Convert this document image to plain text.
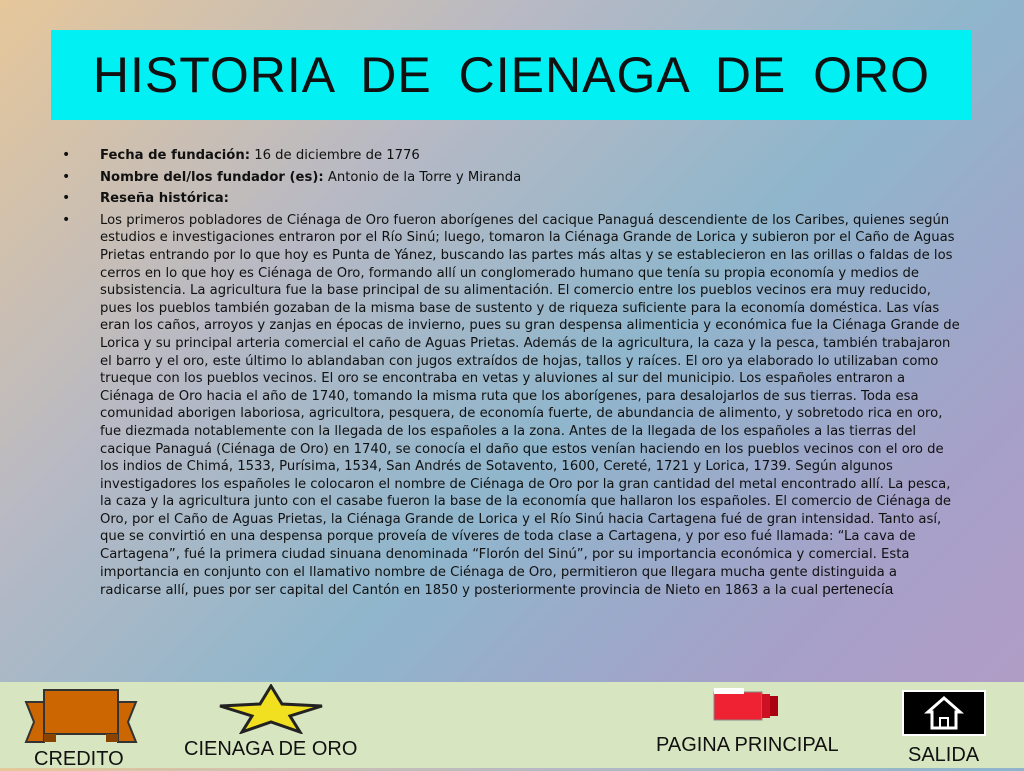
HISTORIA DE CIENAGA DE ORO
• Fecha de fundación: 16 de diciembre de 1776
• Nombre del/los fundador (es): Antonio de la Torre y Miranda
• Reseña histórica:
• Los primeros pobladores de Ciénaga de Oro fueron aborígenes del cacique Panaguá descendiente de los Caribes, quienes según estudios e investigaciones entraron por el Río Sinú; luego, tomaron la Ciénaga Grande de Lorica y subieron por el Caño de Aguas Prietas entrando por lo que hoy es Punta de Yánez, buscando las partes más altas y se establecieron en las orillas o faldas de los cerros en lo que hoy es Ciénaga de Oro, formando allí un conglomerado humano que tenía su propia economía y medios de subsistencia. La agricultura fue la base principal de su alimentación. El comercio entre los pueblos vecinos era muy reducido, pues los pueblos también gozaban de la misma base de sustento y de riqueza suficiente para la economía doméstica. Las vías eran los caños, arroyos y zanjas en épocas de invierno, pues su gran despensa alimenticia y económica fue la Ciénaga Grande de Lorica y su principal arteria comercial el caño de Aguas Prietas. Además de la agricultura, la caza y la pesca, también trabajaron el barro y el oro, este último lo ablandaban con jugos extraídos de hojas, tallos y raíces. El oro ya elaborado lo utilizaban como trueque con los pueblos vecinos. El oro se encontraba en vetas y aluviones al sur del municipio. Los españoles entraron a Ciénaga de Oro hacia el año de 1740, tomando la misma ruta que los aborígenes, para desalojarlos de sus tierras. Toda esa comunidad aborigen laboriosa, agricultora, pesquera, de economía fuerte, de abundancia de alimento, y sobretodo rica en oro, fue diezmada notablemente con la llegada de los españoles a la zona. Antes de la llegada de los españoles a las tierras del cacique Panaguá (Ciénaga de Oro) en 1740, se conocía el daño que estos venían haciendo en los pueblos vecinos con el oro de los indios de Chimá, 1533, Purísima, 1534, San Andrés de Sotavento, 1600, Cereté, 1721 y Lorica, 1739. Según algunos investigadores los españoles le colocaron el nombre de Ciénaga de Oro por la gran cantidad del metal encontrado allí. La pesca, la caza y la agricultura junto con el casabe fueron la base de la economía que hallaron los españoles. El comercio de Ciénaga de Oro, por el Caño de Aguas Prietas, la Ciénaga Grande de Lorica y el Río Sinú hacia Cartagena fué de gran intensidad. Tanto así, que se convirtió en una despensa porque proveía de víveres de toda clase a Cartagena, y por eso fué llamada: “La cava de Cartagena”, fué la primera ciudad sinuana denominada “Florón del Sinú”, por su importancia económica y comercial. Esta importancia en conjunto con el llamativo nombre de Ciénaga de Oro, permitieron que llegara mucha gente distinguida a radicarse allí, pues por ser capital del Cantón en 1850 y posteriormente provincia de Nieto en 1863 a la cual pertenecía
CREDITO	CIENAGA DE ORO	PAGINA PRINCIPAL	SALIDA
